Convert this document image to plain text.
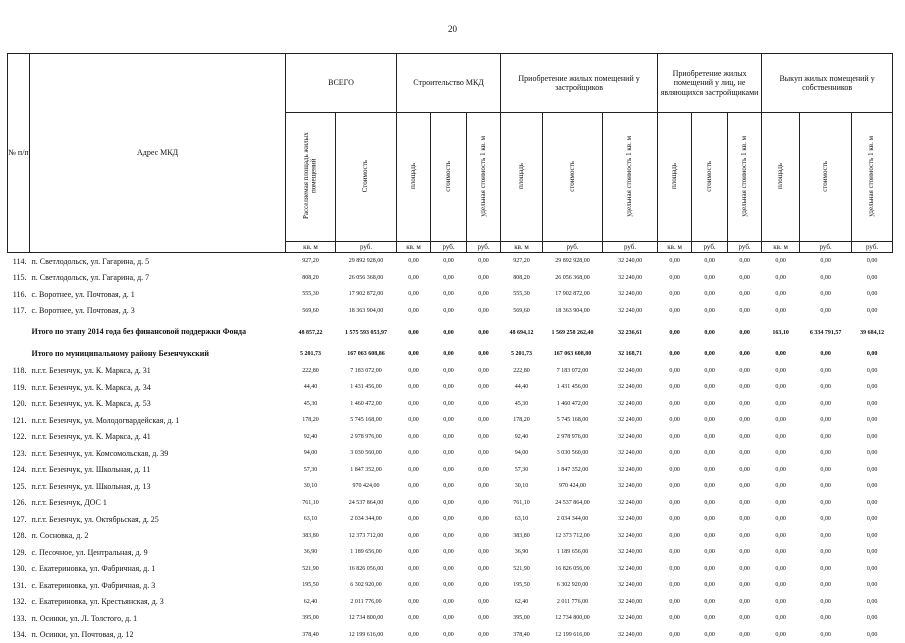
20
№ п/п	Адрес МКД	ВСЕГО		Строительство МКД			Приобретение жилых помещений у застройщиков			Приобретение жилых помещений у лиц, не являющихся застройщиками			Выкуп жилых помещений у собственников		
		Расселяемая площадь жилых помещений	Стоимость	площадь	стоимость	удельная стоимость 1 кв. м	площадь	стоимость	удельная стоимость 1 кв. м	площадь	стоимость	удельная стоимость 1 кв. м	площадь	стоимость	удельная стоимость 1 кв. м
		кв. м	руб.	кв. м	руб.	руб.	кв. м	руб.	руб.	кв. м	руб.	руб.	кв. м	руб.	руб.
114.	п. Светлодольск, ул. Гагарина, д. 5	927,20	29 892 928,00	0,00	0,00	0,00	927,20	29 892 928,00	32 240,00	0,00	0,00	0,00	0,00	0,00	0,00
115.	п. Светлодольск, ул. Гагарина, д. 7	808,20	26 056 368,00	0,00	0,00	0,00	808,20	26 056 368,00	32 240,00	0,00	0,00	0,00	0,00	0,00	0,00
116.	с. Воротнее, ул. Почтовая, д. 1	555,30	17 902 872,00	0,00	0,00	0,00	555,30	17 902 872,00	32 240,00	0,00	0,00	0,00	0,00	0,00	0,00
117.	с. Воротнее, ул. Почтовая, д. 3	569,60	18 363 904,00	0,00	0,00	0,00	569,60	18 363 904,00	32 240,00	0,00	0,00	0,00	0,00	0,00	0,00
	Итого по этапу 2014 года без финансовой поддержки Фонда	48 857,22	1 575 593 053,97	0,00	0,00	0,00	48 694,12	1 569 258 262,40	32 236,61	0,00	0,00	0,00	163,10	6 334 791,57	39 684,12
	Итого по муниципальному району Безенчукский	5 201,73	167 063 608,86	0,00	0,00	0,00	5 201,73	167 063 608,80	32 168,71	0,00	0,00	0,00	0,00	0,00	0,00
118.	п.г.т. Безенчук, ул. К. Маркса, д. 31	222,80	7 183 072,00	0,00	0,00	0,00	222,80	7 183 072,00	32 240,00	0,00	0,00	0,00	0,00	0,00	0,00
119.	п.г.т. Безенчук, ул. К. Маркса, д. 34	44,40	1 431 456,00	0,00	0,00	0,00	44,40	1 431 456,00	32 240,00	0,00	0,00	0,00	0,00	0,00	0,00
120.	п.г.т. Безенчук, ул. К. Маркса, д. 53	45,30	1 460 472,00	0,00	0,00	0,00	45,30	1 460 472,00	32 240,00	0,00	0,00	0,00	0,00	0,00	0,00
121.	п.г.т. Безенчук, ул. Молодогвардейская, д. 1	178,20	5 745 168,00	0,00	0,00	0,00	178,20	5 745 168,00	32 240,00	0,00	0,00	0,00	0,00	0,00	0,00
122.	п.г.т. Безенчук, ул. К. Маркса, д. 41	92,40	2 978 976,00	0,00	0,00	0,00	92,40	2 978 976,00	32 240,00	0,00	0,00	0,00	0,00	0,00	0,00
123.	п.г.т. Безенчук, ул. Комсомольская, д. 39	94,00	3 030 560,00	0,00	0,00	0,00	94,00	3 030 560,00	32 240,00	0,00	0,00	0,00	0,00	0,00	0,00
124.	п.г.т. Безенчук, ул. Школьная, д. 11	57,30	1 847 352,00	0,00	0,00	0,00	57,30	1 847 352,00	32 240,00	0,00	0,00	0,00	0,00	0,00	0,00
125.	п.г.т. Безенчук, ул. Школьная, д. 13	30,10	970 424,00	0,00	0,00	0,00	30,10	970 424,00	32 240,00	0,00	0,00	0,00	0,00	0,00	0,00
126.	п.г.т. Безенчук, ДОС 1	761,10	24 537 864,00	0,00	0,00	0,00	761,10	24 537 864,00	32 240,00	0,00	0,00	0,00	0,00	0,00	0,00
127.	п.г.т. Безенчук, ул. Октябрьская, д. 25	63,10	2 034 344,00	0,00	0,00	0,00	63,10	2 034 344,00	32 240,00	0,00	0,00	0,00	0,00	0,00	0,00
128.	п. Сосновка, д. 2	383,80	12 373 712,00	0,00	0,00	0,00	383,80	12 373 712,00	32 240,00	0,00	0,00	0,00	0,00	0,00	0,00
129.	с. Песочное, ул. Центральная, д. 9	36,90	1 189 656,00	0,00	0,00	0,00	36,90	1 189 656,00	32 240,00	0,00	0,00	0,00	0,00	0,00	0,00
130.	с. Екатериновка, ул. Фабричная, д. 1	521,90	16 826 056,00	0,00	0,00	0,00	521,90	16 826 056,00	32 240,00	0,00	0,00	0,00	0,00	0,00	0,00
131.	с. Екатериновка, ул. Фабричная, д. 3	195,50	6 302 920,00	0,00	0,00	0,00	195,50	6 302 920,00	32 240,00	0,00	0,00	0,00	0,00	0,00	0,00
132.	с. Екатериновка, ул. Крестьянская, д. 3	62,40	2 011 776,00	0,00	0,00	0,00	62,40	2 011 776,00	32 240,00	0,00	0,00	0,00	0,00	0,00	0,00
133.	п. Осинки, ул. Л. Толстого, д. 1	395,00	12 734 800,00	0,00	0,00	0,00	395,00	12 734 800,00	32 240,00	0,00	0,00	0,00	0,00	0,00	0,00
134.	п. Осинки, ул. Почтовая, д. 12	378,40	12 199 616,00	0,00	0,00	0,00	378,40	12 199 616,00	32 240,00	0,00	0,00	0,00	0,00	0,00	0,00
